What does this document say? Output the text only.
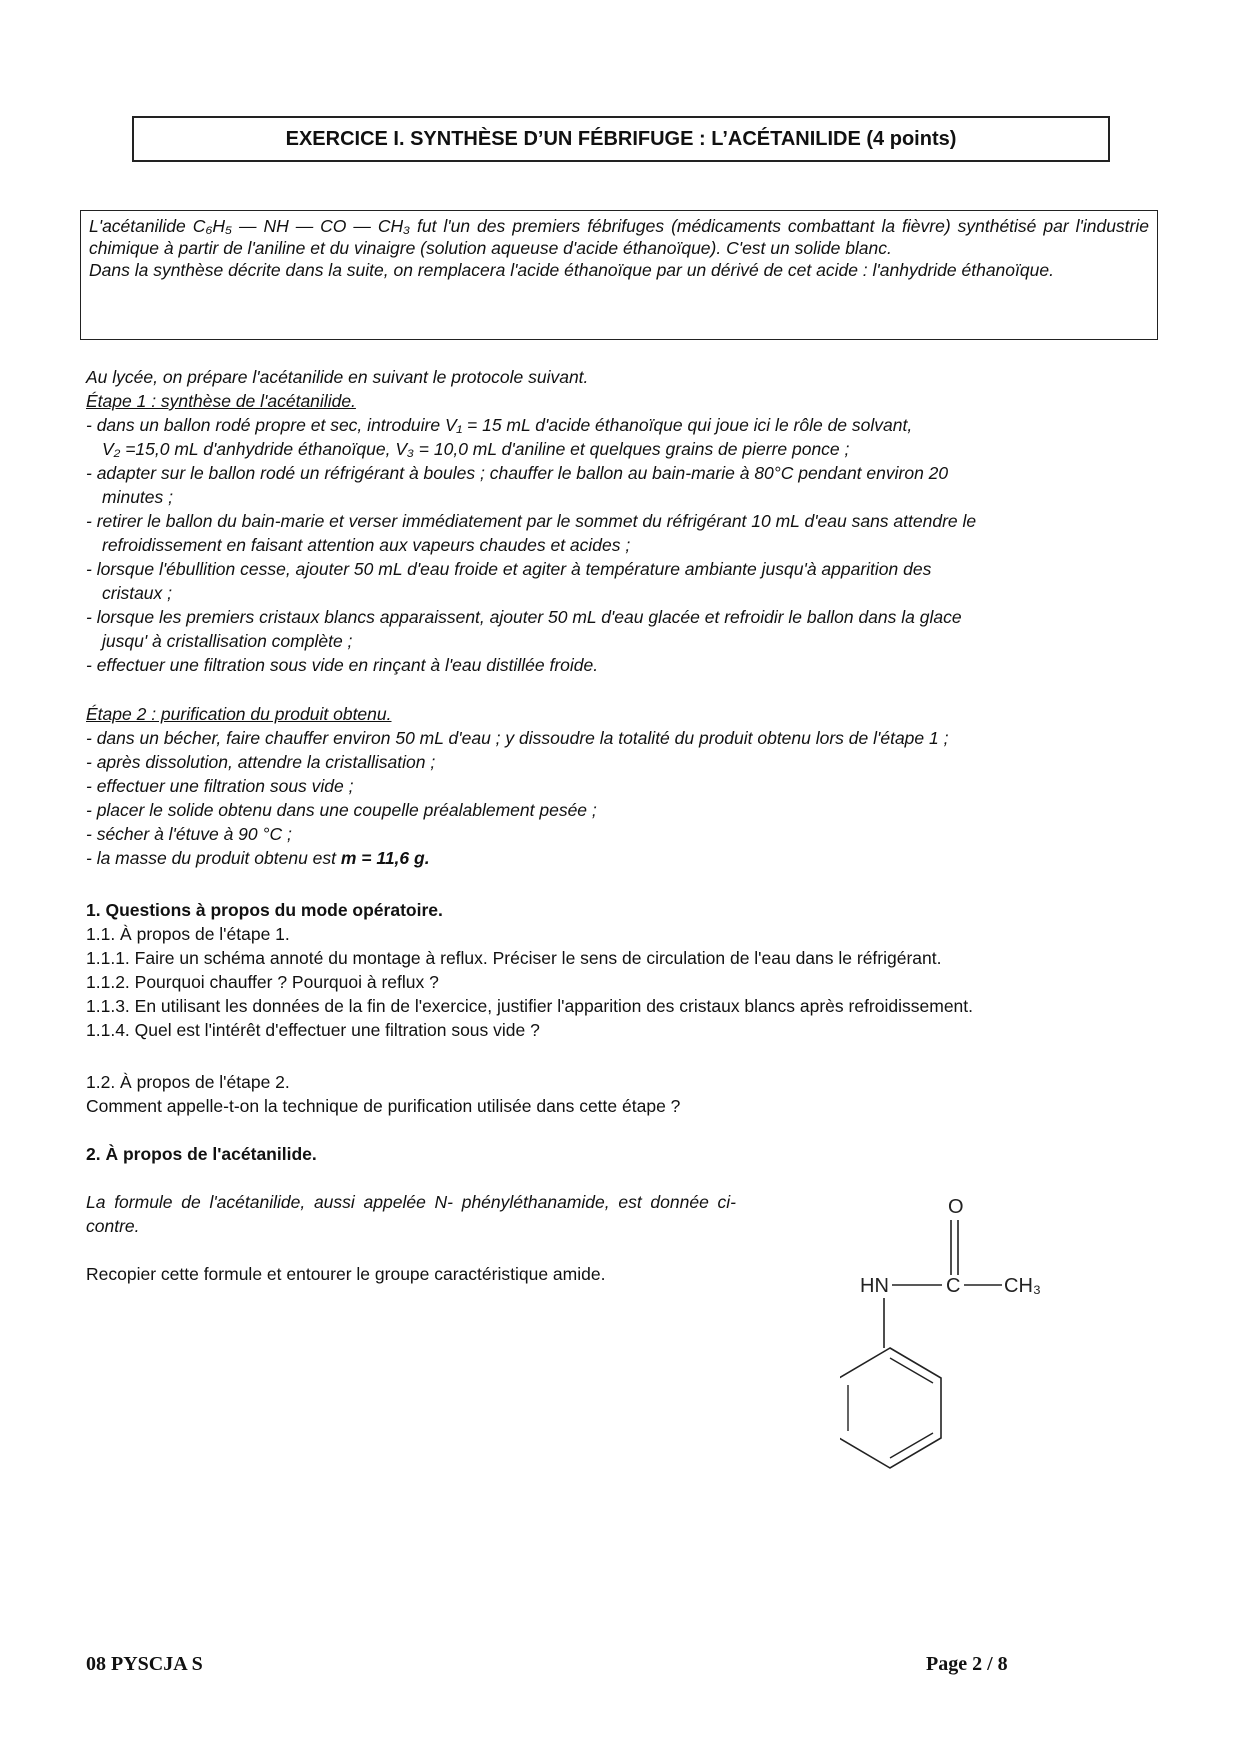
EXERCICE I. SYNTHÈSE D’UN FÉBRIFUGE : L’ACÉTANILIDE (4 points)

L'acétanilide C₆H₅ — NH — CO — CH₃ fut l'un des premiers fébrifuges (médicaments combattant la fièvre) synthétisé par l'industrie chimique à partir de l'aniline et du vinaigre (solution aqueuse d'acide éthanoïque). C'est un solide blanc.

Dans la synthèse décrite dans la suite, on remplacera l'acide éthanoïque par un dérivé de cet acide : l'anhydride éthanoïque.

Au lycée, on prépare l'acétanilide en suivant le protocole suivant.

Étape 1 : synthèse de l'acétanilide.

- dans un ballon rodé propre et sec, introduire V₁ = 15 mL d'acide éthanoïque qui joue ici le rôle de solvant,

V₂ =15,0 mL d'anhydride éthanoïque, V₃ = 10,0 mL d'aniline et quelques grains de pierre ponce ;

- adapter sur le ballon rodé un réfrigérant à boules ; chauffer le ballon au bain-marie à 80°C pendant environ 20

minutes ;

- retirer le ballon du bain-marie et verser immédiatement par le sommet du réfrigérant 10 mL d'eau sans attendre le

refroidissement en faisant attention aux vapeurs chaudes et acides ;

- lorsque l'ébullition cesse, ajouter 50 mL d'eau froide et agiter à température ambiante jusqu'à apparition des

cristaux ;

- lorsque les premiers cristaux blancs apparaissent, ajouter 50 mL d'eau glacée et refroidir le ballon dans la glace

jusqu' à cristallisation complète ;

- effectuer une filtration sous vide en rinçant à l'eau distillée froide.

Étape 2 : purification du produit obtenu.

- dans un bécher, faire chauffer environ 50 mL d'eau ; y dissoudre la totalité du produit obtenu lors de l'étape 1 ;

- après dissolution, attendre la cristallisation ;

- effectuer une filtration sous vide ;

- placer le solide obtenu dans une coupelle préalablement pesée ;

- sécher à l'étuve à 90 °C ;

- la masse du produit obtenu est m = 11,6 g.

1. Questions à propos du mode opératoire.

1.1. À propos de l'étape 1.

1.1.1. Faire un schéma annoté du montage à reflux. Préciser le sens de circulation de l'eau dans le réfrigérant.

1.1.2. Pourquoi chauffer ? Pourquoi à reflux ?

1.1.3. En utilisant les données de la fin de l'exercice, justifier l'apparition des cristaux blancs après refroidissement.

1.1.4. Quel est l'intérêt d'effectuer une filtration sous vide ?

1.2. À propos de l'étape 2.

Comment appelle-t-on la technique de purification utilisée dans cette étape ?

2. À propos de l'acétanilide.
La formule de l'acétanilide, aussi appelée N- phényléthanamide, est donnée ci-contre.
Recopier cette formule et entourer le groupe caractéristique amide.
O
HN	C CH₃
08 PYSCJA S	Page 2 / 8
